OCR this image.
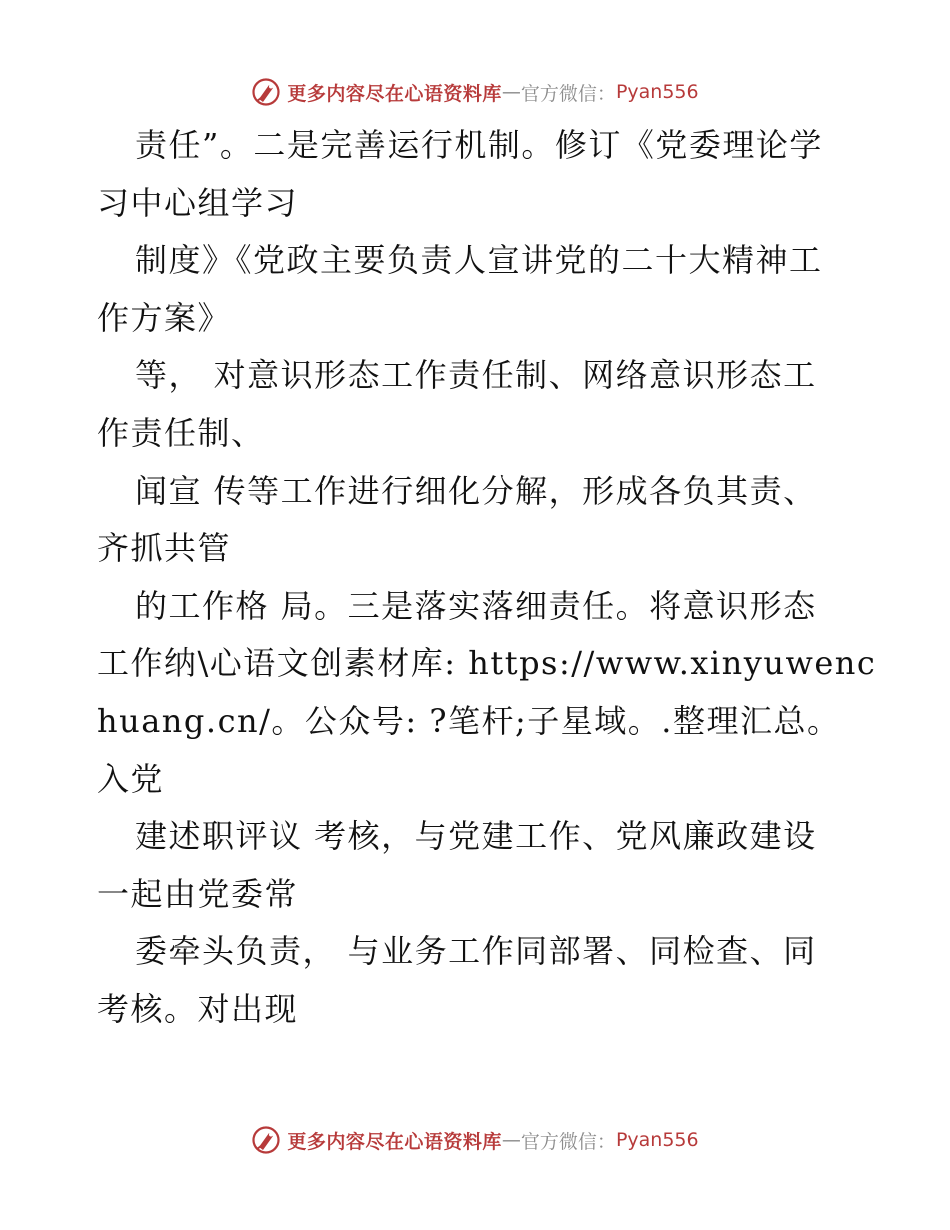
更多内容尽在心语资料库 — 官方微信： Pyan556
责任”。二是完善运行机制。修订《党委理论学
习中心组学习
制度》《党政主要负责人宣讲党的二十大精神工
作方案》
等， 对意识形态工作责任制、网络意识形态工
作责任制、
闻宣 传等工作进行细化分解，形成各负其责、
齐抓共管
的工作格 局。三是落实落细责任。将意识形态
工作纳\心语文创素材库: https://www.xinyuwenc
huang.cn/。公众号: ?笔杆;子星域。.整理汇总。
入党
建述职评议 考核，与党建工作、党风廉政建设
一起由党委常
委牵头负责， 与业务工作同部署、同检查、同
考核。对出现
更多内容尽在心语资料库 — 官方微信： Pyan556
